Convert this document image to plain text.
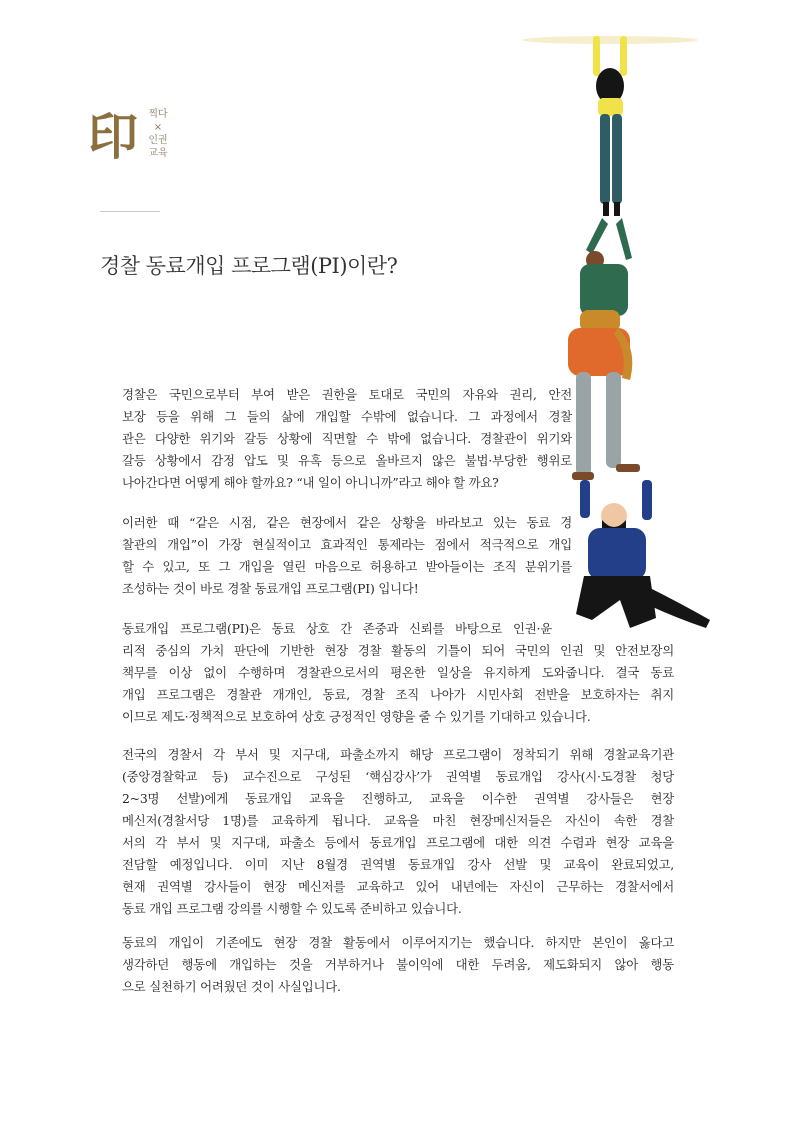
印 찍다
×
인권
교육
경찰 동료개입 프로그램(PI)이란?
경찰은 국민으로부터 부여 받은 권한을 토대로 국민의 자유와 권리, 안전
보장 등을 위해 그 들의 삶에 개입할 수밖에 없습니다. 그 과정에서 경찰
관은 다양한 위기와 갈등 상황에 직면할 수 밖에 없습니다. 경찰관이 위기와
갈등 상황에서 감정 압도 및 유혹 등으로 올바르지 않은 불법·부당한 행위로
나아간다면 어떻게 해야 할까요? “내 일이 아니니까”라고 해야 할 까요?
이러한 때 “같은 시점, 같은 현장에서 같은 상황을 바라보고 있는 동료 경
찰관의 개입”이 가장 현실적이고 효과적인 통제라는 점에서 적극적으로 개입
할 수 있고, 또 그 개입을 열린 마음으로 허용하고 받아들이는 조직 분위기를
조성하는 것이 바로 경찰 동료개입 프로그램(PI) 입니다!
동료개입 프로그램(PI)은 동료 상호 간 존중과 신뢰를 바탕으로 인권·윤
리적 중심의 가치 판단에 기반한 현장 경찰 활동의 기틀이 되어 국민의 인권 및 안전보장의
책무를 이상 없이 수행하며 경찰관으로서의 평온한 일상을 유지하게 도와줍니다. 결국 동료
개입 프로그램은 경찰관 개개인, 동료, 경찰 조직 나아가 시민사회 전반을 보호하자는 취지
이므로 제도·정책적으로 보호하여 상호 긍정적인 영향을 줄 수 있기를 기대하고 있습니다.
전국의 경찰서 각 부서 및 지구대, 파출소까지 해당 프로그램이 정착되기 위해 경찰교육기관
(중앙경찰학교 등) 교수진으로 구성된 ‘핵심강사’가 권역별 동료개입 강사(시·도경찰 청당
2~3명 선발)에게 동료개입 교육을 진행하고, 교육을 이수한 권역별 강사들은 현장
메신저(경찰서당 1명)를 교육하게 됩니다. 교육을 마친 현장메신저들은 자신이 속한 경찰
서의 각 부서 및 지구대, 파출소 등에서 동료개입 프로그램에 대한 의견 수렴과 현장 교육을
전담할 예정입니다. 이미 지난 8월경 권역별 동료개입 강사 선발 및 교육이 완료되었고,
현재 권역별 강사들이 현장 메신저를 교육하고 있어 내년에는 자신이 근무하는 경찰서에서
동료 개입 프로그램 강의를 시행할 수 있도록 준비하고 있습니다.
동료의 개입이 기존에도 현장 경찰 활동에서 이루어지기는 했습니다. 하지만 본인이 옳다고
생각하던 행동에 개입하는 것을 거부하거나 불이익에 대한 두려움, 제도화되지 않아 행동
으로 실천하기 어려웠던 것이 사실입니다.
